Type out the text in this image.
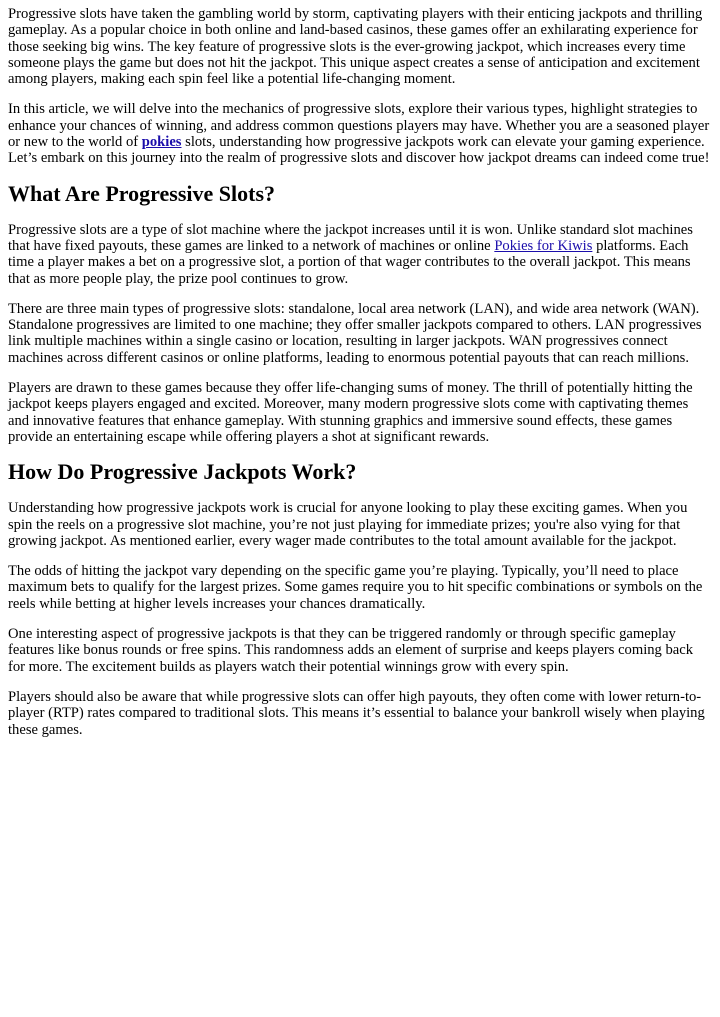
Progressive slots have taken the gambling world by storm, captivating players with their enticing jackpots and thrilling gameplay. As a popular choice in both online and land-based casinos, these games offer an exhilarating experience for those seeking big wins. The key feature of progressive slots is the ever-growing jackpot, which increases every time someone plays the game but does not hit the jackpot. This unique aspect creates a sense of anticipation and excitement among players, making each spin feel like a potential life-changing moment.

In this article, we will delve into the mechanics of progressive slots, explore their various types, highlight strategies to enhance your chances of winning, and address common questions players may have. Whether you are a seasoned player or new to the world of pokies slots, understanding how progressive jackpots work can elevate your gaming experience. Let’s embark on this journey into the realm of progressive slots and discover how jackpot dreams can indeed come true!

What Are Progressive Slots?

Progressive slots are a type of slot machine where the jackpot increases until it is won. Unlike standard slot machines that have fixed payouts, these games are linked to a network of machines or online Pokies for Kiwis platforms. Each time a player makes a bet on a progressive slot, a portion of that wager contributes to the overall jackpot. This means that as more people play, the prize pool continues to grow.

There are three main types of progressive slots: standalone, local area network (LAN), and wide area network (WAN). Standalone progressives are limited to one machine; they offer smaller jackpots compared to others. LAN progressives link multiple machines within a single casino or location, resulting in larger jackpots. WAN progressives connect machines across different casinos or online platforms, leading to enormous potential payouts that can reach millions.

Players are drawn to these games because they offer life-changing sums of money. The thrill of potentially hitting the jackpot keeps players engaged and excited. Moreover, many modern progressive slots come with captivating themes and innovative features that enhance gameplay. With stunning graphics and immersive sound effects, these games provide an entertaining escape while offering players a shot at significant rewards.

How Do Progressive Jackpots Work?

Understanding how progressive jackpots work is crucial for anyone looking to play these exciting games. When you spin the reels on a progressive slot machine, you’re not just playing for immediate prizes; you're also vying for that growing jackpot. As mentioned earlier, every wager made contributes to the total amount available for the jackpot.

The odds of hitting the jackpot vary depending on the specific game you’re playing. Typically, you’ll need to place maximum bets to qualify for the largest prizes. Some games require you to hit specific combinations or symbols on the reels while betting at higher levels increases your chances dramatically.

One interesting aspect of progressive jackpots is that they can be triggered randomly or through specific gameplay features like bonus rounds or free spins. This randomness adds an element of surprise and keeps players coming back for more. The excitement builds as players watch their potential winnings grow with every spin.

Players should also be aware that while progressive slots can offer high payouts, they often come with lower return-to-player (RTP) rates compared to traditional slots. This means it’s essential to balance your bankroll wisely when playing these games.
